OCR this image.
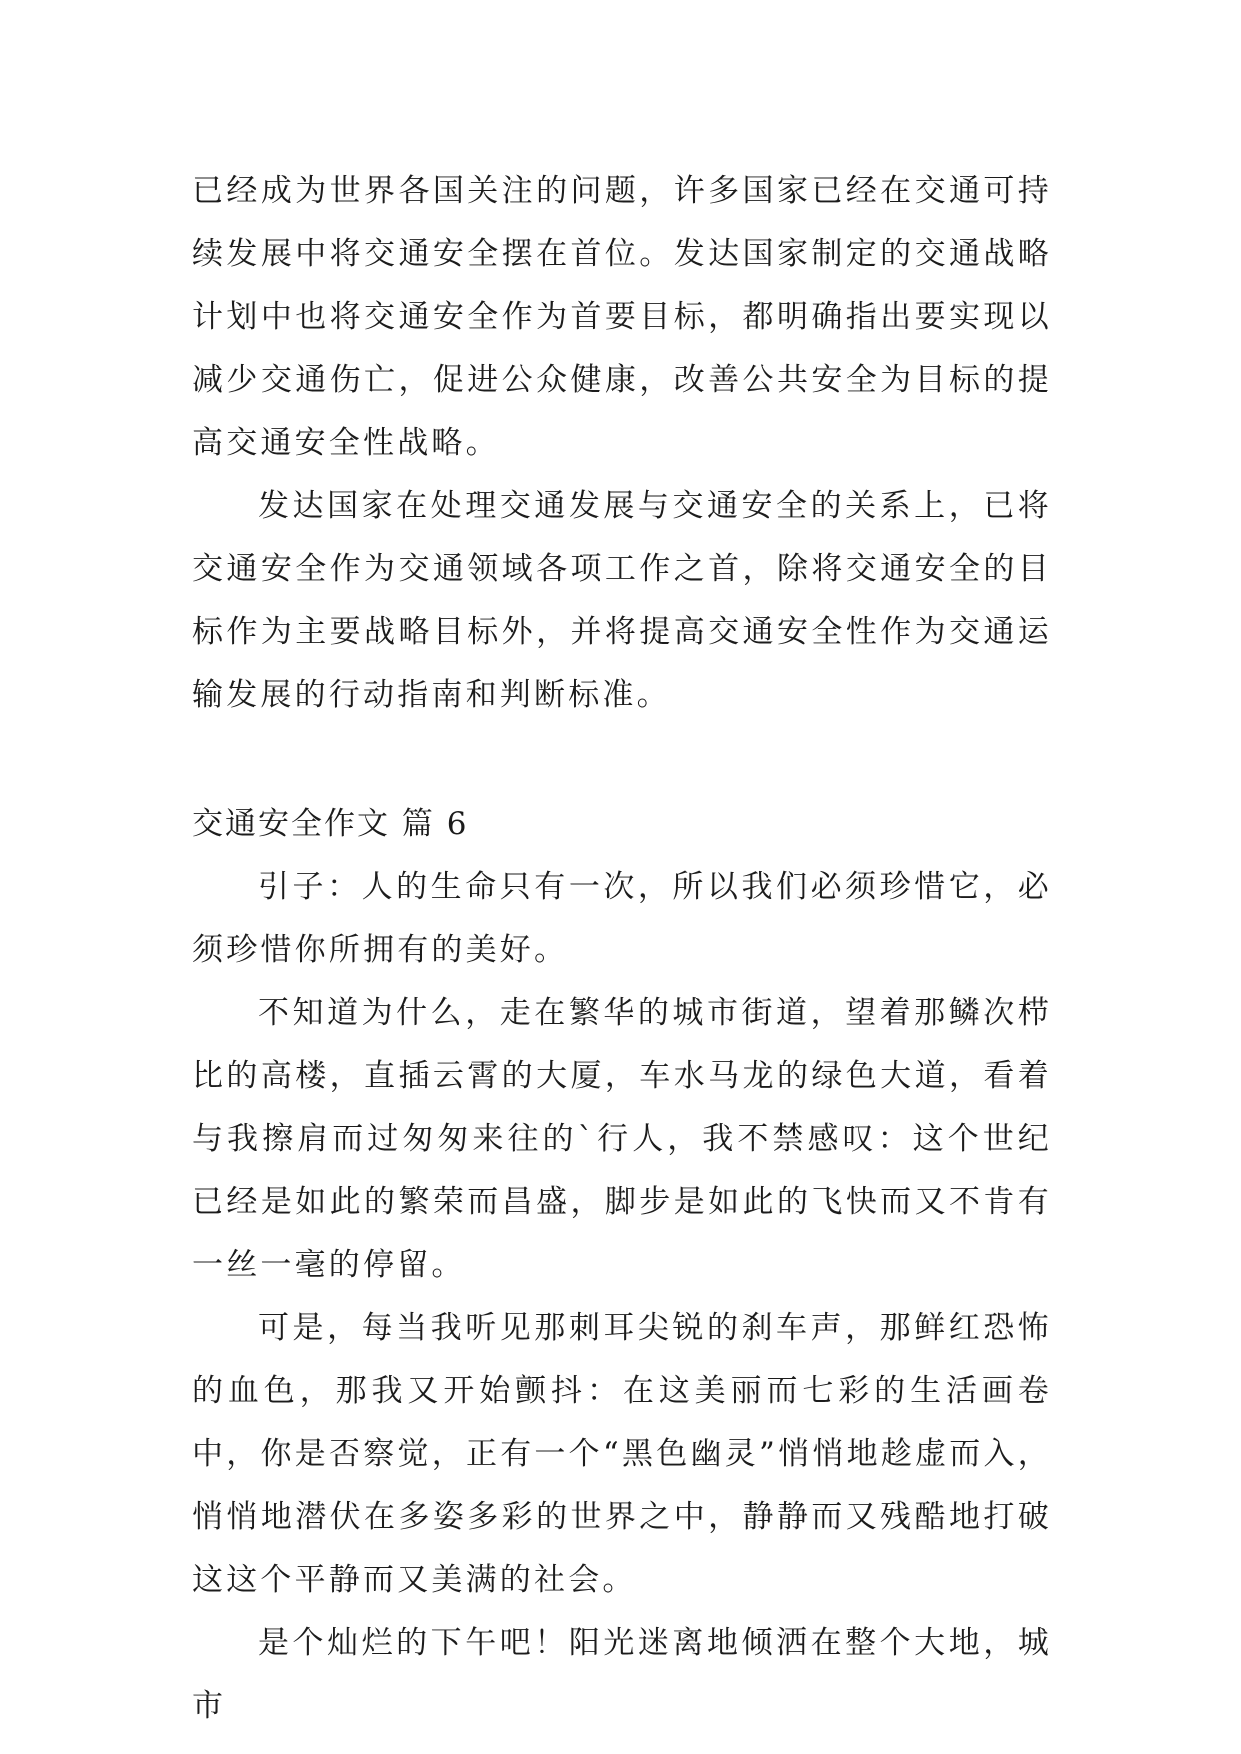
已经成为世界各国关注的问题，许多国家已经在交通可持续发展中将交通安全摆在首位。发达国家制定的交通战略计划中也将交通安全作为首要目标，都明确指出要实现以减少交通伤亡，促进公众健康，改善公共安全为目标的提高交通安全性战略。

发达国家在处理交通发展与交通安全的关系上，已将交通安全作为交通领域各项工作之首，除将交通安全的目标作为主要战略目标外，并将提高交通安全性作为交通运输发展的行动指南和判断标准。

交通安全作文 篇 6

引子：人的生命只有一次，所以我们必须珍惜它，必须珍惜你所拥有的美好。

不知道为什么，走在繁华的城市街道，望着那鳞次栉比的高楼，直插云霄的大厦，车水马龙的绿色大道，看着与我擦肩而过匆匆来往的`行人，我不禁感叹：这个世纪已经是如此的繁荣而昌盛，脚步是如此的飞快而又不肯有一丝一毫的停留。

可是，每当我听见那刺耳尖锐的刹车声，那鲜红恐怖的血色，那我又开始颤抖：在这美丽而七彩的生活画卷中，你是否察觉，正有一个“黑色幽灵”悄悄地趁虚而入，悄悄地潜伏在多姿多彩的世界之中，静静而又残酷地打破这这个平静而又美满的社会。

是个灿烂的下午吧！阳光迷离地倾洒在整个大地，城市
